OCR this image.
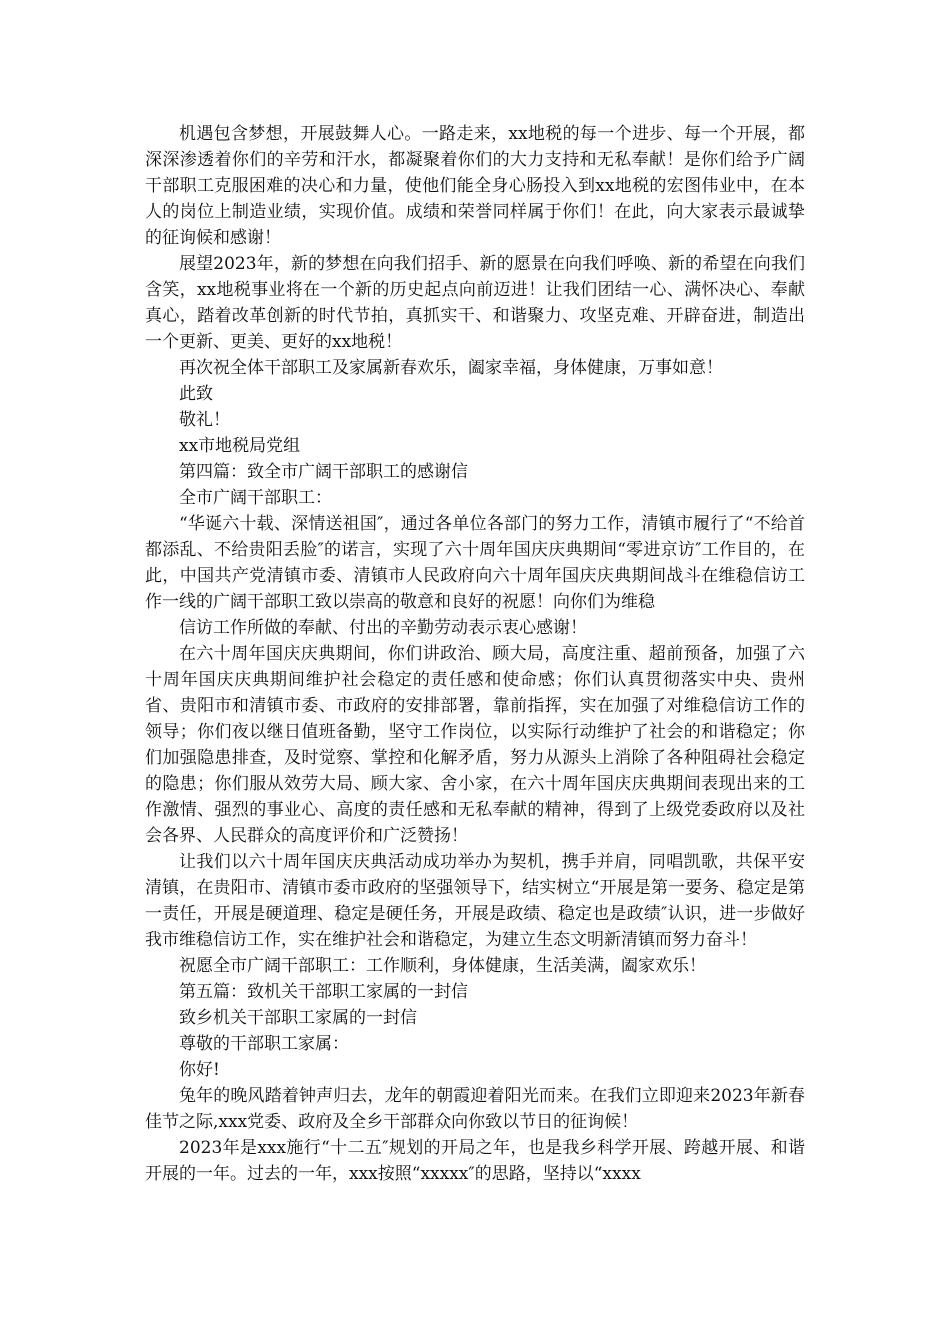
机遇包含梦想，开展鼓舞人心。一路走来，xx地税的每一个进步、每一个开展，都深深渗透着你们的辛劳和汗水，都凝聚着你们的大力支持和无私奉献！是你们给予广阔干部职工克服困难的决心和力量，使他们能全身心肠投入到xx地税的宏图伟业中，在本人的岗位上制造业绩，实现价值。成绩和荣誉同样属于你们！在此，向大家表示最诚挚的征询候和感谢！

展望2023年，新的梦想在向我们招手、新的愿景在向我们呼唤、新的希望在向我们含笑，xx地税事业将在一个新的历史起点向前迈进！让我们团结一心、满怀决心、奉献真心，踏着改革创新的时代节拍，真抓实干、和谐聚力、攻坚克难、开辟奋进，制造出一个更新、更美、更好的xx地税！

再次祝全体干部职工及家属新春欢乐，阖家幸福，身体健康，万事如意！

此致

敬礼！

xx市地税局党组

第四篇：致全市广阔干部职工的感谢信

全市广阔干部职工：

“华诞六十载、深情送祖国″，通过各单位各部门的努力工作，清镇市履行了“不给首都添乱、不给贵阳丢脸″的诺言，实现了六十周年国庆庆典期间“零进京访″工作目的，在此，中国共产党清镇市委、清镇市人民政府向六十周年国庆庆典期间战斗在维稳信访工作一线的广阔干部职工致以崇高的敬意和良好的祝愿！向你们为维稳

信访工作所做的奉献、付出的辛勤劳动表示衷心感谢！

在六十周年国庆庆典期间，你们讲政治、顾大局，高度注重、超前预备，加强了六十周年国庆庆典期间维护社会稳定的责任感和使命感；你们认真贯彻落实中央、贵州省、贵阳市和清镇市委、市政府的安排部署，靠前指挥，实在加强了对维稳信访工作的领导；你们夜以继日值班备勤，坚守工作岗位，以实际行动维护了社会的和谐稳定；你们加强隐患排查，及时觉察、掌控和化解矛盾，努力从源头上消除了各种阻碍社会稳定的隐患；你们服从效劳大局、顾大家、舍小家，在六十周年国庆庆典期间表现出来的工作激情、强烈的事业心、高度的责任感和无私奉献的精神，得到了上级党委政府以及社会各界、人民群众的高度评价和广泛赞扬！

让我们以六十周年国庆庆典活动成功举办为契机，携手并肩，同唱凯歌，共保平安清镇，在贵阳市、清镇市委市政府的坚强领导下，结实树立“开展是第一要务、稳定是第一责任，开展是硬道理、稳定是硬任务，开展是政绩、稳定也是政绩″认识，进一步做好我市维稳信访工作，实在维护社会和谐稳定，为建立生态文明新清镇而努力奋斗！

祝愿全市广阔干部职工：工作顺利，身体健康，生活美满，阖家欢乐！

第五篇：致机关干部职工家属的一封信

致乡机关干部职工家属的一封信

尊敬的干部职工家属：

你好!

兔年的晚风踏着钟声归去，龙年的朝霞迎着阳光而来。在我们立即迎来2023年新春佳节之际,xxx党委、政府及全乡干部群众向你致以节日的征询候！

2023年是xxx施行“十二五″规划的开局之年，也是我乡科学开展、跨越开展、和谐开展的一年。过去的一年，xxx按照“xxxxx″的思路，坚持以“xxxx
